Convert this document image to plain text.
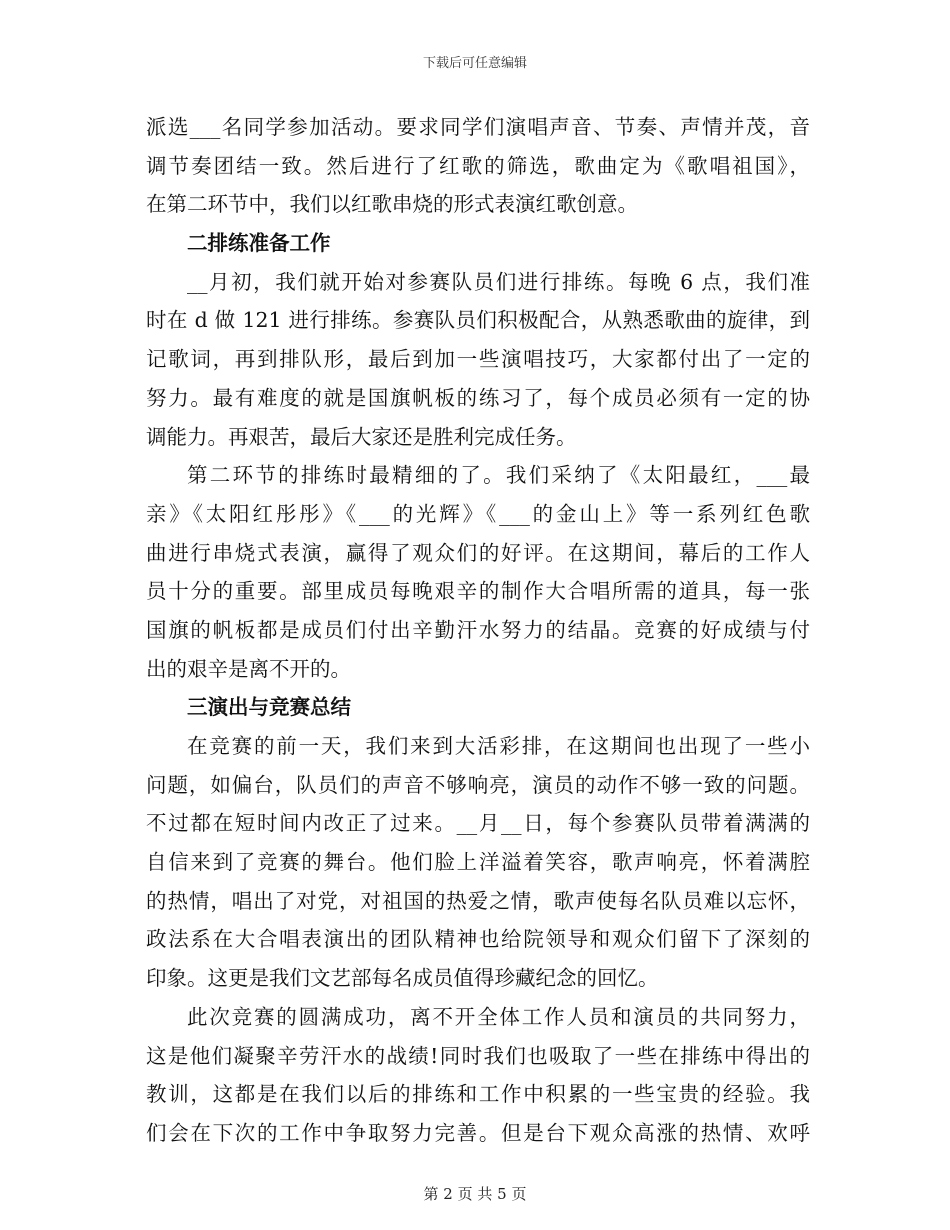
下载后可任意编辑
派选___名同学参加活动。要求同学们演唱声音、节奏、声情并茂，音
调节奏团结一致。然后进行了红歌的筛选，歌曲定为《歌唱祖国》，
在第二环节中，我们以红歌串烧的形式表演红歌创意。
二排练准备工作
__月初，我们就开始对参赛队员们进行排练。每晚 6 点，我们准
时在 d 做 121 进行排练。参赛队员们积极配合，从熟悉歌曲的旋律，到
记歌词，再到排队形，最后到加一些演唱技巧，大家都付出了一定的
努力。最有难度的就是国旗帆板的练习了，每个成员必须有一定的协
调能力。再艰苦，最后大家还是胜利完成任务。
第二环节的排练时最精细的了。我们采纳了《太阳最红，___最
亲》《太阳红彤彤》《___的光辉》《___的金山上》等一系列红色歌
曲进行串烧式表演，赢得了观众们的好评。在这期间，幕后的工作人
员十分的重要。部里成员每晚艰辛的制作大合唱所需的道具，每一张
国旗的帆板都是成员们付出辛勤汗水努力的结晶。竞赛的好成绩与付
出的艰辛是离不开的。
三演出与竞赛总结
在竞赛的前一天，我们来到大活彩排，在这期间也出现了一些小
问题，如偏台，队员们的声音不够响亮，演员的动作不够一致的问题。
不过都在短时间内改正了过来。__月__日，每个参赛队员带着满满的
自信来到了竞赛的舞台。他们脸上洋溢着笑容，歌声响亮，怀着满腔
的热情，唱出了对党，对祖国的热爱之情，歌声使每名队员难以忘怀，
政法系在大合唱表演出的团队精神也给院领导和观众们留下了深刻的
印象。这更是我们文艺部每名成员值得珍藏纪念的回忆。
此次竞赛的圆满成功，离不开全体工作人员和演员的共同努力，
这是他们凝聚辛劳汗水的战绩!同时我们也吸取了一些在排练中得出的
教训，这都是在我们以后的排练和工作中积累的一些宝贵的经验。我
们会在下次的工作中争取努力完善。但是台下观众高涨的热情、欢呼
第 2 页 共 5 页
